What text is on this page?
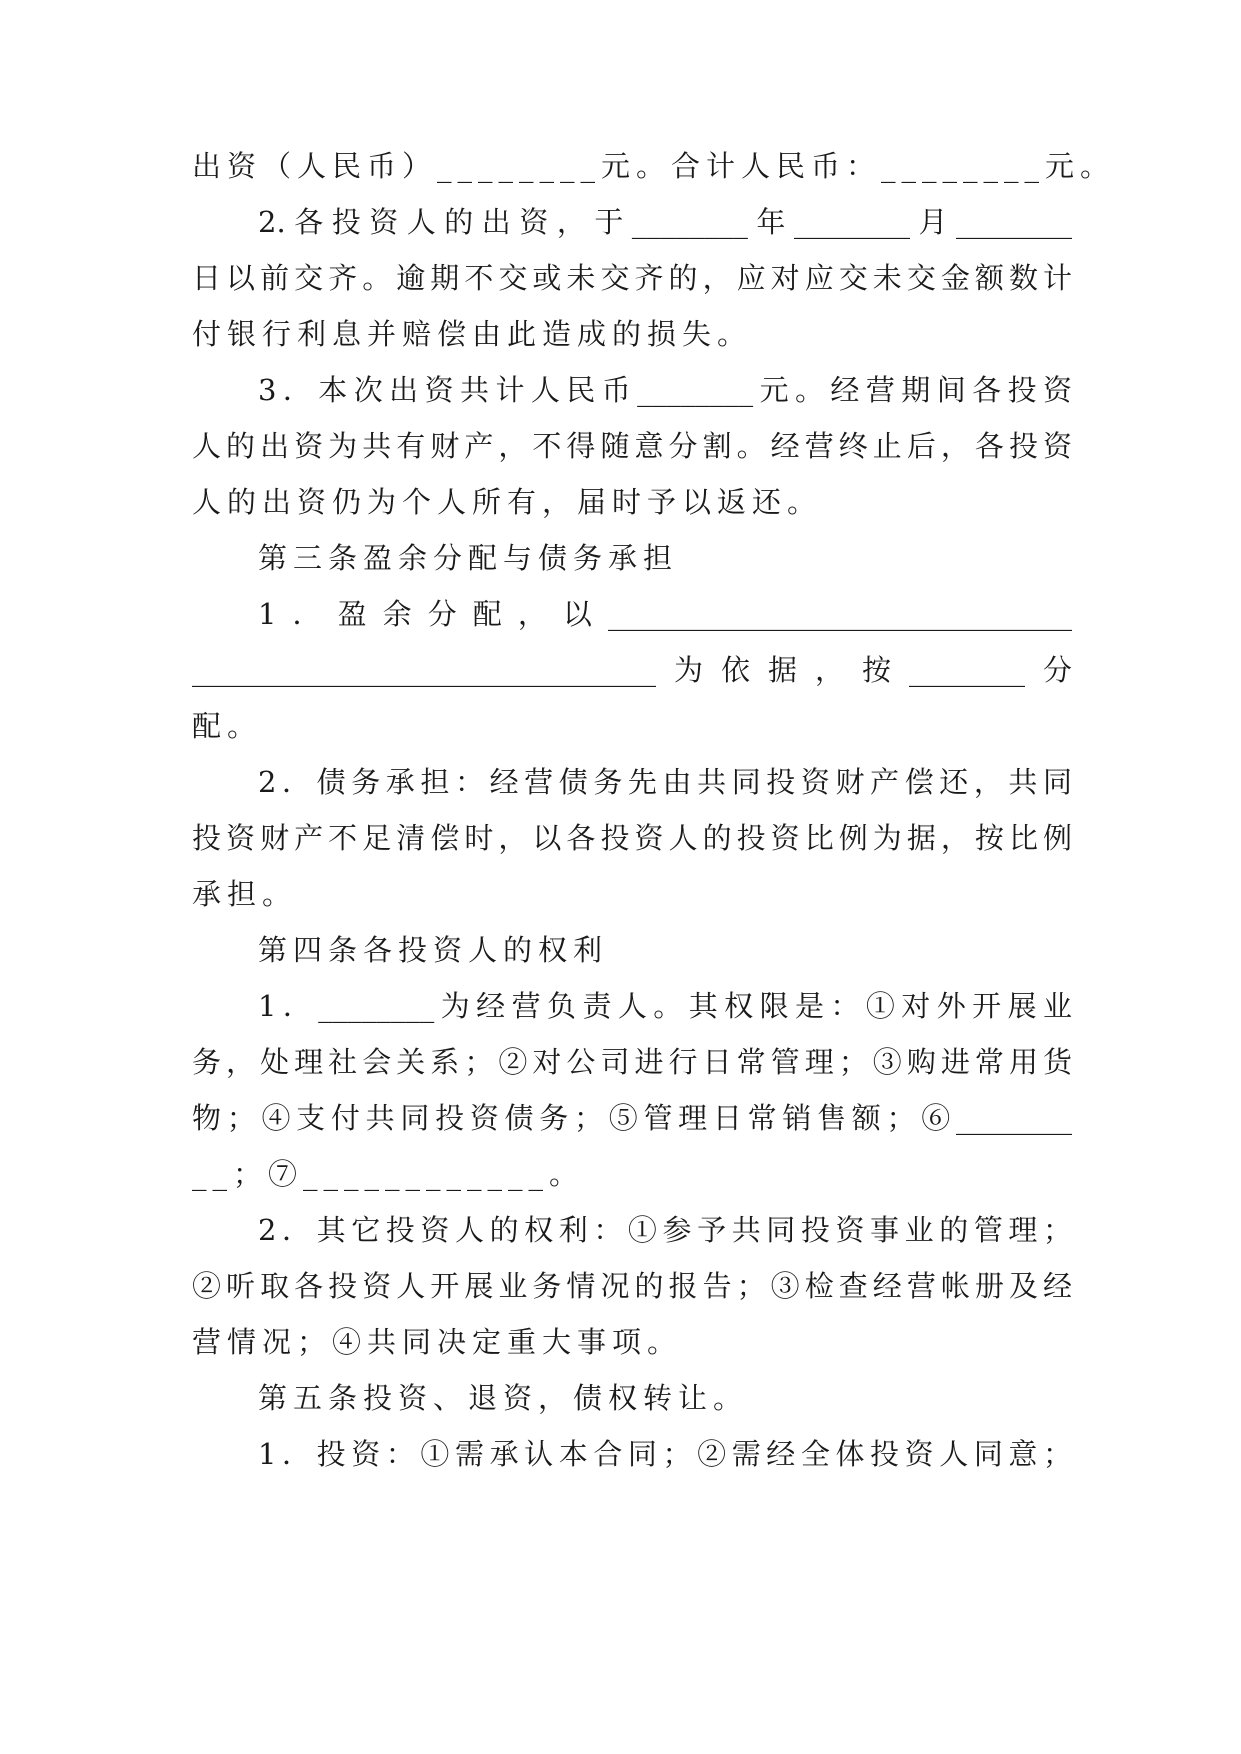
出资（人民币）________元。合计人民币：________元。
2.各投资人的出资，于________年________月________
日以前交齐。逾期不交或未交齐的，应对应交未交金额数计
付银行利息并赔偿由此造成的损失。
3．本次出资共计人民币________元。经营期间各投资
人的出资为共有财产，不得随意分割。经营终止后，各投资
人的出资仍为个人所有，届时予以返还。
第三条盈余分配与债务承担
1．盈余分配，以________________________________
________________________________为依据，按________分
配。
2．债务承担：经营债务先由共同投资财产偿还，共同
投资财产不足清偿时，以各投资人的投资比例为据，按比例
承担。
第四条各投资人的权利
1．________为经营负责人。其权限是：①对外开展业
务，处理社会关系；②对公司进行日常管理；③购进常用货
物；④支付共同投资债务；⑤管理日常销售额；⑥________
__；⑦____________。
2．其它投资人的权利：①参予共同投资事业的管理；
②听取各投资人开展业务情况的报告；③检查经营帐册及经
营情况；④共同决定重大事项。
第五条投资、退资，债权转让。
1．投资：①需承认本合同；②需经全体投资人同意；
